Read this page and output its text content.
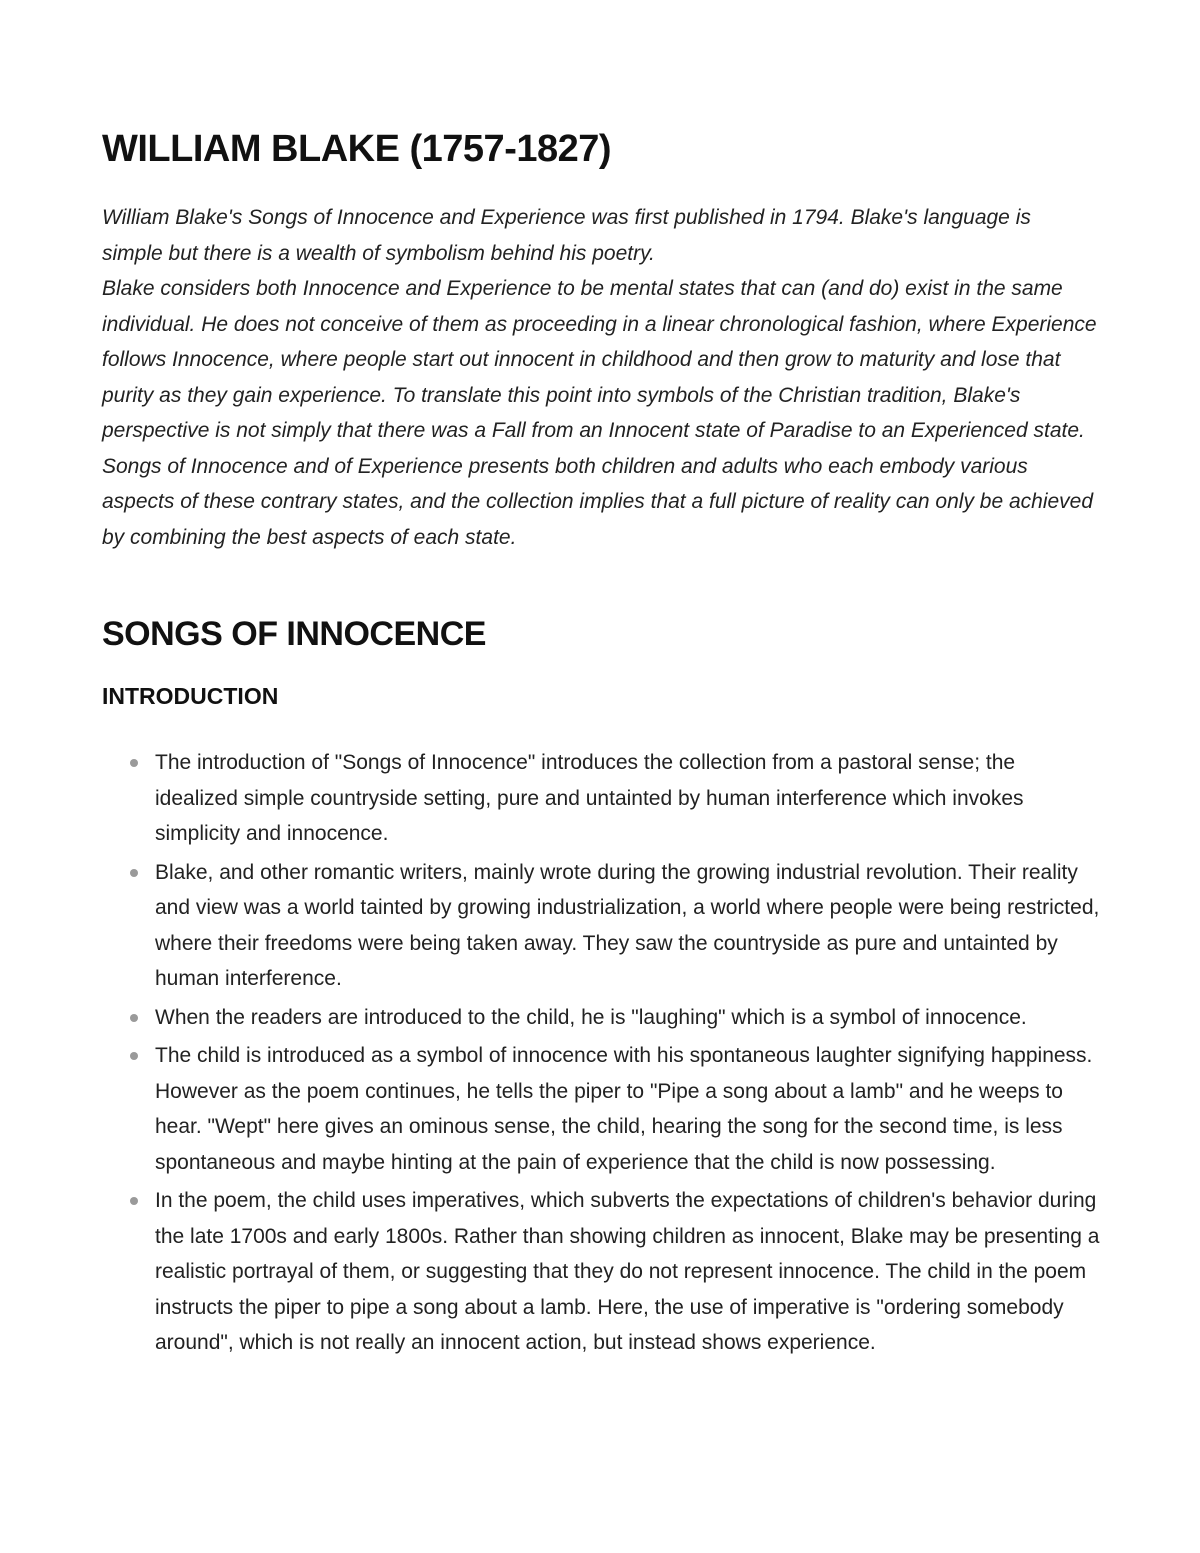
WILLIAM BLAKE (1757-1827)

William Blake's Songs of Innocence and Experience was first published in 1794. Blake's language is simple but there is a wealth of symbolism behind his poetry.

Blake considers both Innocence and Experience to be mental states that can (and do) exist in the same individual. He does not conceive of them as proceeding in a linear chronological fashion, where Experience follows Innocence, where people start out innocent in childhood and then grow to maturity and lose that purity as they gain experience. To translate this point into symbols of the Christian tradition, Blake's perspective is not simply that there was a Fall from an Innocent state of Paradise to an Experienced state. Songs of Innocence and of Experience presents both children and adults who each embody various aspects of these contrary states, and the collection implies that a full picture of reality can only be achieved by combining the best aspects of each state.

SONGS OF INNOCENCE
INTRODUCTION
The introduction of "Songs of Innocence" introduces the collection from a pastoral sense; the idealized simple countryside setting, pure and untainted by human interference which invokes simplicity and innocence.
Blake, and other romantic writers, mainly wrote during the growing industrial revolution. Their reality and view was a world tainted by growing industrialization, a world where people were being restricted, where their freedoms were being taken away. They saw the countryside as pure and untainted by human interference.
When the readers are introduced to the child, he is "laughing" which is a symbol of innocence.
The child is introduced as a symbol of innocence with his spontaneous laughter signifying happiness. However as the poem continues, he tells the piper to "Pipe a song about a lamb" and he weeps to hear. "Wept" here gives an ominous sense, the child, hearing the song for the second time, is less spontaneous and maybe hinting at the pain of experience that the child is now possessing.
In the poem, the child uses imperatives, which subverts the expectations of children's behavior during the late 1700s and early 1800s. Rather than showing children as innocent, Blake may be presenting a realistic portrayal of them, or suggesting that they do not represent innocence. The child in the poem instructs the piper to pipe a song about a lamb. Here, the use of imperative is "ordering somebody around", which is not really an innocent action, but instead shows experience.
